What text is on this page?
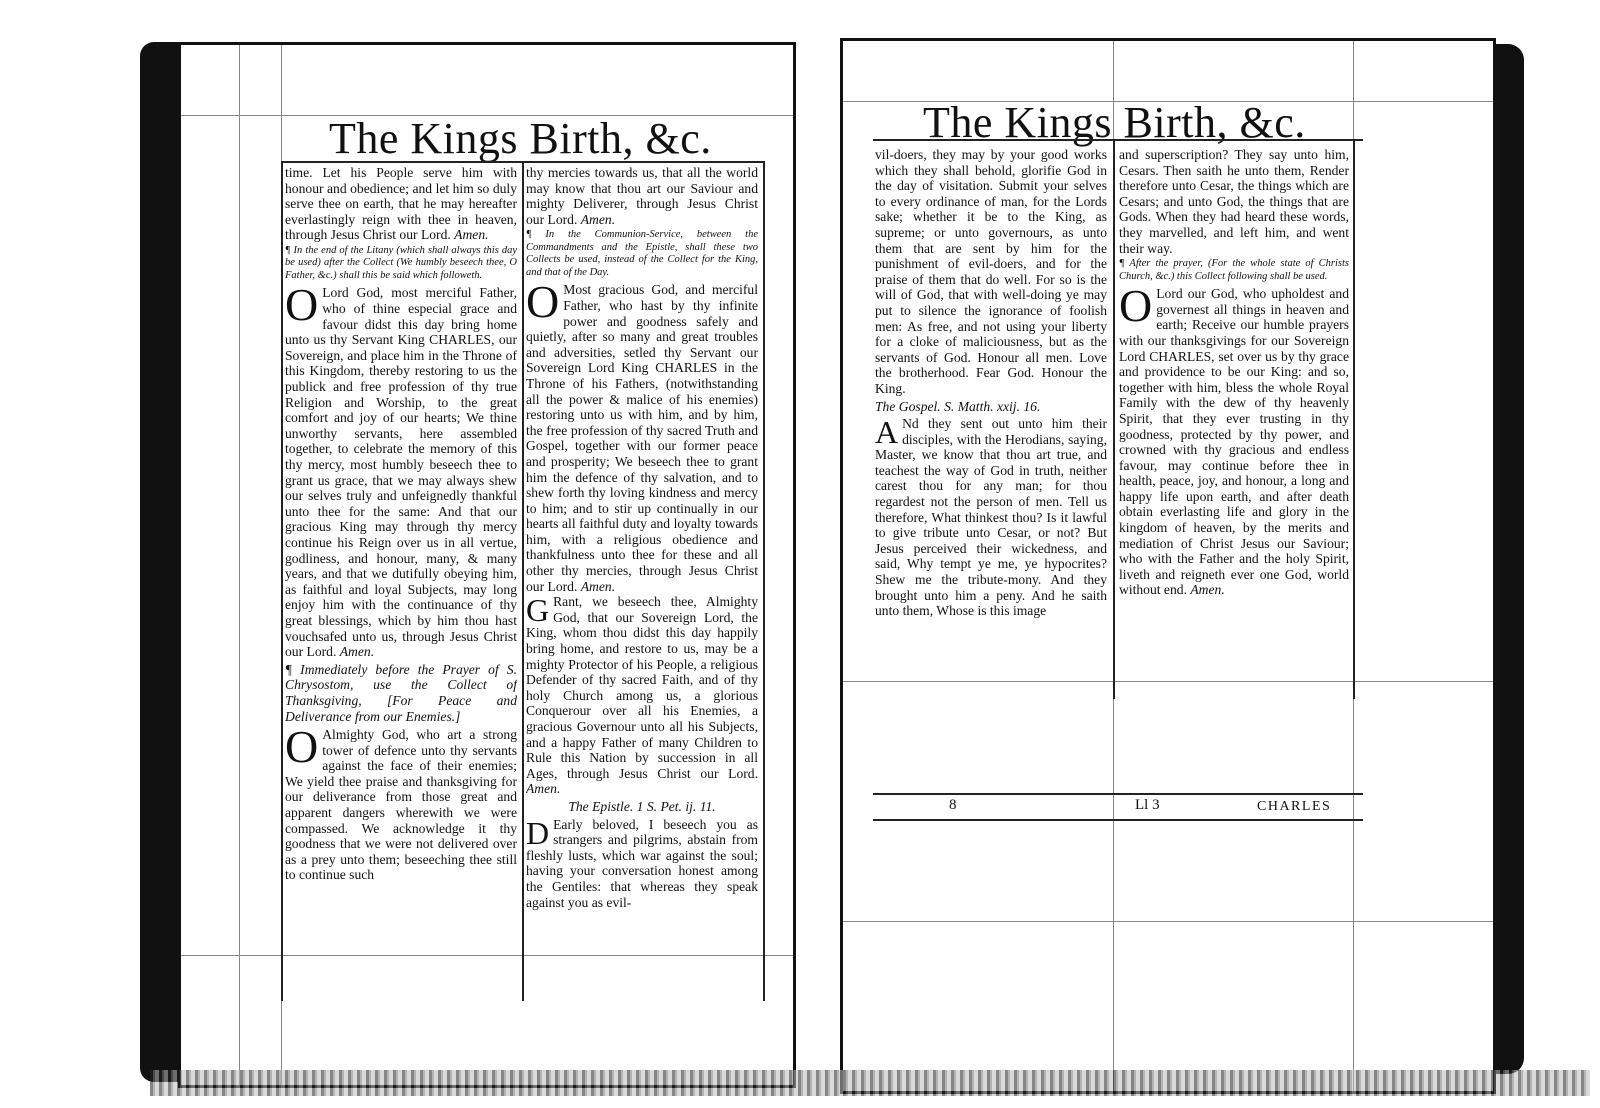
The Kings Birth, &c.

time. Let his People serve him with honour and obedience; and let him so duly serve thee on earth, that he may hereafter everlastingly reign with thee in heaven, through Jesus Christ our Lord. Amen.

¶ In the end of the Litany (which shall always this day be used) after the Collect (We humbly beseech thee, O Father, &c.) shall this be said which followeth.

O Lord God, most merciful Father, who of thine especial grace and favour didst this day bring home unto us thy Servant King CHARLES, our Sovereign, and place him in the Throne of this Kingdom, thereby restoring to us the publick and free profession of thy true Religion and Worship, to the great comfort and joy of our hearts; We thine unworthy servants, here assembled together, to celebrate the memory of this thy mercy, most humbly beseech thee to grant us grace, that we may always shew our selves truly and unfeignedly thankful unto thee for the same: And that our gracious King may through thy mercy continue his Reign over us in all vertue, godliness, and honour, many, & many years, and that we dutifully obeying him, as faithful and loyal Subjects, may long enjoy him with the continuance of thy great blessings, which by him thou hast vouchsafed unto us, through Jesus Christ our Lord. Amen.

¶ Immediately before the Prayer of S. Chrysostom, use the Collect of Thanksgiving, [For Peace and Deliverance from our Enemies.]

O Almighty God, who art a strong tower of defence unto thy servants against the face of their enemies; We yield thee praise and thanksgiving for our deliverance from those great and apparent dangers wherewith we were compassed. We acknowledge it thy goodness that we were not delivered over as a prey unto them; beseeching thee still to continue such

thy mercies towards us, that all the world may know that thou art our Saviour and mighty Deliverer, through Jesus Christ our Lord. Amen.

¶ In the Communion-Service, between the Commandments and the Epistle, shall these two Collects be used, instead of the Collect for the King, and that of the Day.

O Most gracious God, and merciful Father, who hast by thy infinite power and goodness safely and quietly, after so many and great troubles and adversities, setled thy Servant our Sovereign Lord King CHARLES in the Throne of his Fathers, (notwithstanding all the power & malice of his enemies) restoring unto us with him, and by him, the free profession of thy sacred Truth and Gospel, together with our former peace and prosperity; We beseech thee to grant him the defence of thy salvation, and to shew forth thy loving kindness and mercy to him; and to stir up continually in our hearts all faithful duty and loyalty towards him, with a religious obedience and thankfulness unto thee for these and all other thy mercies, through Jesus Christ our Lord. Amen.

G Rant, we beseech thee, Almighty God, that our Sovereign Lord, the King, whom thou didst this day happily bring home, and restore to us, may be a mighty Protector of his People, a religious Defender of thy sacred Faith, and of thy holy Church among us, a glorious Conquerour over all his Enemies, a gracious Governour unto all his Subjects, and a happy Father of many Children to Rule this Nation by succession in all Ages, through Jesus Christ our Lord. Amen.

The Epistle. 1 S. Pet. ij. 11.

D Early beloved, I beseech you as strangers and pilgrims, abstain from fleshly lusts, which war against the soul; having your conversation honest among the Gentiles: that whereas they speak against you as evil-

The Kings Birth, &c.

vil-doers, they may by your good works which they shall behold, glorifie God in the day of visitation. Submit your selves to every ordinance of man, for the Lords sake; whether it be to the King, as supreme; or unto governours, as unto them that are sent by him for the punishment of evil-doers, and for the praise of them that do well. For so is the will of God, that with well-doing ye may put to silence the ignorance of foolish men: As free, and not using your liberty for a cloke of maliciousness, but as the servants of God. Honour all men. Love the brotherhood. Fear God. Honour the King.

The Gospel. S. Matth. xxij. 16.

A Nd they sent out unto him their disciples, with the Herodians, saying, Master, we know that thou art true, and teachest the way of God in truth, neither carest thou for any man; for thou regardest not the person of men. Tell us therefore, What thinkest thou? Is it lawful to give tribute unto Cesar, or not? But Jesus perceived their wickedness, and said, Why tempt ye me, ye hypocrites? Shew me the tribute-mony. And they brought unto him a peny. And he saith unto them, Whose is this image

and superscription? They say unto him, Cesars. Then saith he unto them, Render therefore unto Cesar, the things which are Cesars; and unto God, the things that are Gods. When they had heard these words, they marvelled, and left him, and went their way.

¶ After the prayer, (For the whole state of Christs Church, &c.) this Collect following shall be used.

O Lord our God, who upholdest and governest all things in heaven and earth; Receive our humble prayers with our thanksgivings for our Sovereign Lord CHARLES, set over us by thy grace and providence to be our King: and so, together with him, bless the whole Royal Family with the dew of thy heavenly Spirit, that they ever trusting in thy goodness, protected by thy power, and crowned with thy gracious and endless favour, may continue before thee in health, peace, joy, and honour, a long and happy life upon earth, and after death obtain everlasting life and glory in the kingdom of heaven, by the merits and mediation of Christ Jesus our Saviour; who with the Father and the holy Spirit, liveth and reigneth ever one God, world without end. Amen.

8	Ll 3	CHARLES
